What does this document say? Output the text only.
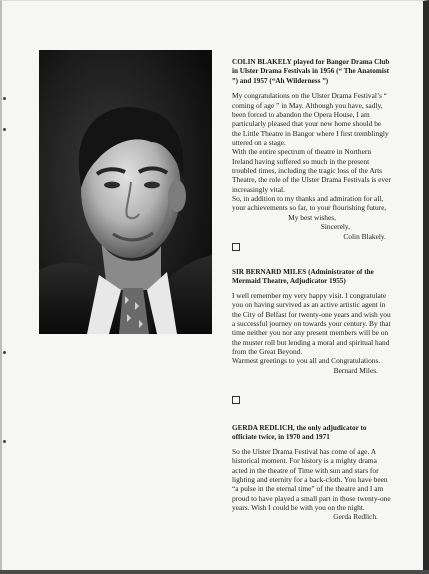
COLIN BLAKELY played for Bangor Drama Club in Ulster Drama Festivals in 1956 (“ The Anatomist ”) and 1957 (“Ah Wilderness ”)

My congratulations on the Ulster Drama Festival’s “ coming of age ” in May. Although you have, sadly, been forced to abandon the Opera House, I am particularly pleased that your new home should be the Little Theatre in Bangor where I first tremblingly uttered on a stage.

With the entire spectrum of theatre in Northern Ireland having suffered so much in the present troubled times, including the tragic loss of the Arts Theatre, the role of the Ulster Drama Festivals is ever increasingly vital.

So, in addition to my thanks and admiration for all, your achievements so far, to your flourishing future,

My best wishes,

Sincerely,

Colin Blakely.

SIR BERNARD MILES (Administrator of the Mermaid Theatre, Adjudicator 1955)

I well remember my very happy visit. I congratulate you on having survived as an active artistic agent in the City of Belfast for twenty-one years and wish you a successful journey on towards your century. By that time neither you nor any present members will be on the muster roll but lending a moral and spiritual hand from the Great Beyond.

Warmest greetings to you all and Congratulations.

Bernard Miles.

GERDA REDLICH, the only adjudicator to officiate twice, in 1970 and 1971

So the Ulster Drama Festival has come of age. A historical moment. For history is a mighty drama acted in the theatre of Time with sun and stars for lighting and eternity for a back-cloth. You have been “a pulse in the eternal time” of the theatre and I am proud to have played a small part in those twenty-one years. Wish I could be with you on the night.

Gerda Redlich.
